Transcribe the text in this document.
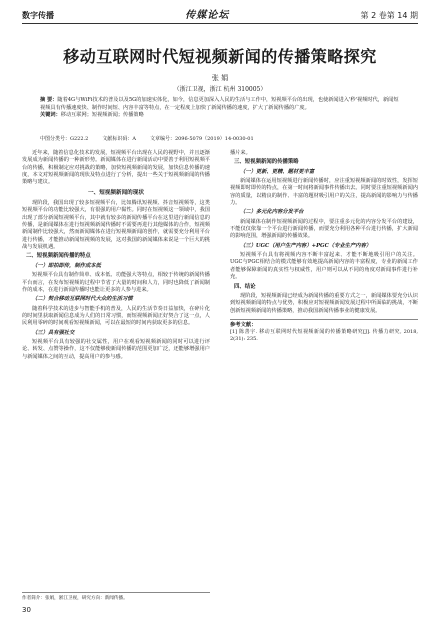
数字传播	传媒论坛	第 2 卷第 14 期
移动互联网时代短视频新闻的传播策略探究
张 娟
（浙江卫视，浙江 杭州 310005）
摘 要：随着4G与WiFi技术的普及以及5G的加速实体化，如今，信息更加深入人民的生活与工作中，短视频平台的出现，也使新闻进入'秒'视频时代，新闻短视频具有传播速度快、制作时间短、内容丰富等特点，在一定程度上加快了新闻传播的速度，扩大了新闻传播的广度。
关键词：移动互联网；短视频新闻；传播策略
中图分类号：G222.2	文献标识码：A	文章编号：2096-5079（2019）14-0030-01

近年来，随着信息化技术的发展，短视频平台出现在人民的视野中，并且逐渐发展成为新闻传播的一种新形势。新闻媒体在进行新闻活动中要善于利用短视频平台的传播，积极制定应对挑战的策略，加快短视频新闻的发展，加快信息传播的速度，本文对短视频新闻的现状及特点进行了分析，提出一些关于短视频新闻的传播策略与建议。

一、短视频新闻的现状

现阶段，我国出现了较多短视频平台，比如腾讯短视频、抖音短视频等，这类短视频平台的功能比较强大，有很强的用户黏性。同时在短视频这一领域中，我国出现了部分新闻短视频平台，其中就有较多的新闻传播平台在这里进行新闻信息的传播，是新闻媒体在进行短视频新闻传播时不需要再进行其他媒体的合作，短视频新闻制作比较强大，然而新闻媒体在进行短视频新闻的创作，就需要充分利用平台进行传播，才能推动新闻短视频的发展，这对我国的新闻媒体来说是一个巨大的挑战与发展机遇。

二、短视频新闻传播的特点
（一）即拍即传，制作成本低

短视频平台具有制作简单、成本低、功能强大等特点，相较于传统的新闻传播平台而言，在发布短视频的过程中节省了大量的时间和人力，同时也降低了新闻制作的成本，在进行新闻传播时也能让更多的人参与进来。

（二）契合移动互联网时代大众的生活习惯

随着科学技术的进步与智能手机的普及，人民的生活节奏日益加快，在碎片化的时间里获取新闻信息成为人们的日常习惯，而短视频新闻正好契合了这一点，人民利用零碎的时间观看短视频新闻，可以在最短的时间内获取更多的信息。

（三）具有强社交

短视频平台具有较强的社交属性，用户在观看短视频新闻的同时可以进行评论、转发、点赞等操作，这不仅能够使新闻传播的范围更加广泛，还能够增强用户与新闻媒体之间的互动，提高用户的参与感。

播片来。

三、短视频新闻的传播策略
（一）更新、更精、题材更丰富

新闻媒体在运用短视频进行新闻传播时，应注重短视频新闻的时效性，发挥短视频即时即传的特点，在第一时间将新闻事件传播出去。同时要注重短视频新闻内容的质量，以精良的制作、丰富的题材吸引用户的关注，提高新闻的影响力与传播力。

（二）多元化内容分发平台

新闻媒体在制作短视频新闻的过程中，要注重多元化的内容分发平台的建设，不能仅仅依靠一个平台进行新闻传播，而要充分利用各种平台进行传播，扩大新闻的影响范围，增强新闻的传播效果。

（三）UGC（用户生产内容）+PGC（专业生产内容）

短视频平台具有将视频内容不断丰富起来、才能不断地吸引用户的关注。UGC与PGC相结合的模式能够有效地提高新闻内容的丰富程度，专业的新闻工作者能够保障新闻的真实性与权威性，用户则可以从不同的角度对新闻事件进行补充。

四、结论

现阶段，短视频新闻已经成为新闻传播的重要方式之一，新闻媒体要充分认识到短视频新闻的特点与优势，积极应对短视频新闻发展过程中所面临的挑战，不断创新短视频新闻的传播策略，推动我国新闻传播事业的健康发展。

参考文献：
[1] 陈善宇. 移动互联网时代短视频新闻的传播策略研究[J]. 传播力研究, 2018, 2(31): 235.
作者简介：张娟，浙江卫视，研究方向：新闻传播。
30
